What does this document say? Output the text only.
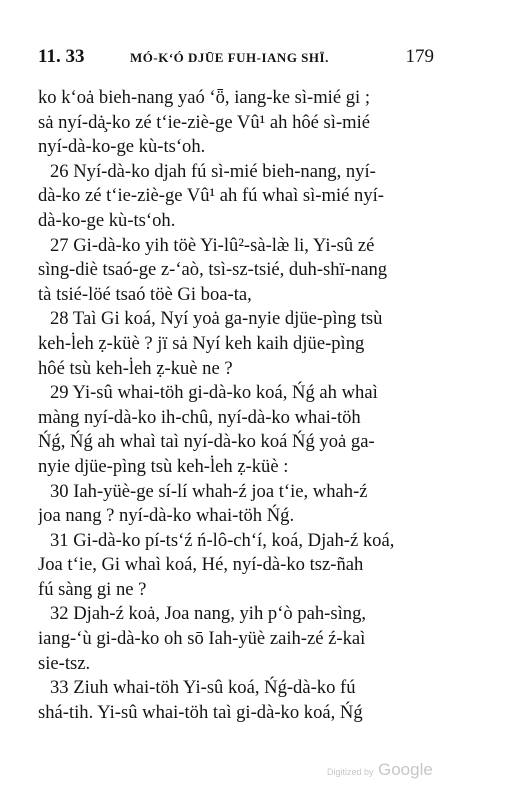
11. 33	MÓ-K‘Ó DJŪE FUH-IANG SHÏ.	179
ko k‘oȧ bieh-nang yaó ‘ȫ, iang-ke sì-mié gi ;
sȧ nyí-dȧ̧-ko zé t‘ie-ziè-ge Vû¹ ah hôé sì-mié
nyí-dà-ko-ge kù-ts‘oh.
26 Nyí-dà-ko djah fú sì-mié bieh-nang, nyí-
dà-ko zé t‘ie-ziè-ge Vû¹ ah fú whaì sì-mié nyí-
dà-ko-ge kù-ts‘oh.
27 Gi-dà-ko yih töè Yi-lû²-sà-læ̀ li, Yi-sû zé
sìng-diè tsaó-ge z-‘aò, tsì-sz-tsié, duh-shï-nang
tà tsié-löé tsaó töè Gi boa-ta,
28 Taì Gi koá, Nyí yoȧ ga-nyie djüe-pìng tsù
keh-l̇eh ẓ-küè ? jï sȧ Nyí keh kaih djüe-pìng
hôé tsù keh-l̇eh ẓ-kuè ne ?
29 Yi-sû whai-töh gi-dà-ko koá, Ńǵ ah whaì
màng nyí-dà-ko ih-chû, nyí-dà-ko whai-töh
Ńǵ, Ńǵ ah whaì taì nyí-dà-ko koá Ńǵ yoȧ ga-
nyie djüe-pìng tsù keh-l̇eh ẓ-küè :
30 Iah-yüè-ge sí-lí whah-ź joa t‘ie, whah-ź
joa nang ? nyí-dà-ko whai-töh Ńǵ.
31 Gi-dà-ko pí-ts‘ź ń-lô-ch‘í, koá, Djah-ź koá,
Joa t‘ie, Gi whaì koá, Hé, nyí-dà-ko tsz-ñah
fú sàng gi ne ?
32 Djah-ź koȧ, Joa nang, yih p‘ò pah-sìng,
iang-‘ù gi-dà-ko oh sō Iah-yüè zaih-zé ź-kaì
sie-tsz.
33 Ziuh whai-töh Yi-sû koá, Ńǵ-dà-ko fú
shá-tih. Yi-sû whai-töh taì gi-dà-ko koá, Ńǵ
Digitized by Google
